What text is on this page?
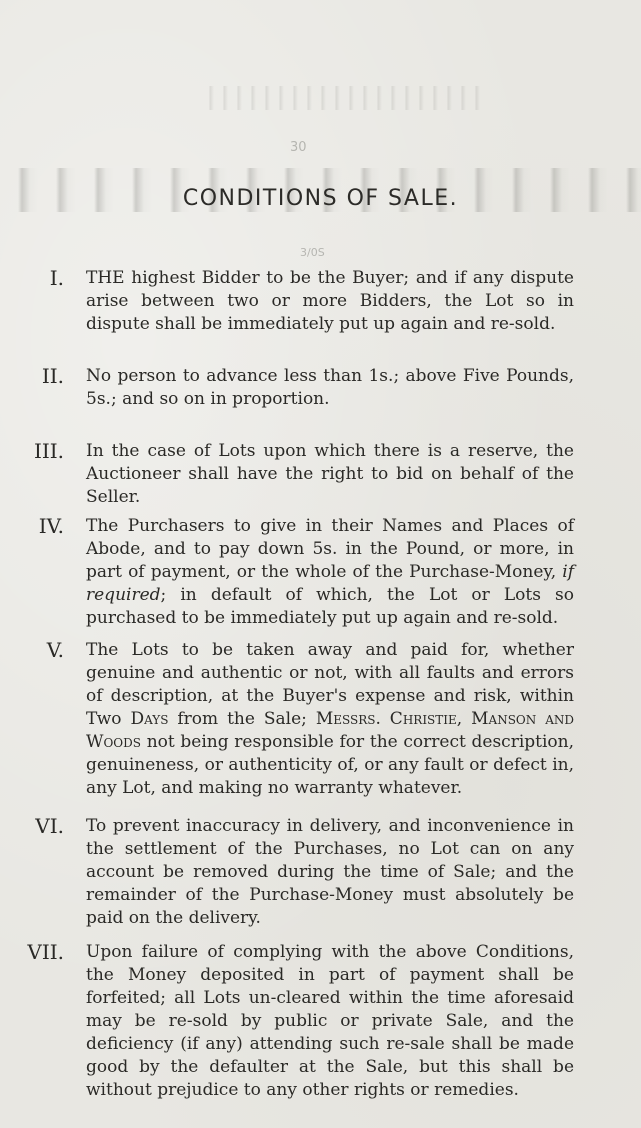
30
3/0S
CONDITIONS OF SALE.
I. THE highest Bidder to be the Buyer; and if any dispute arise between two or more Bidders, the Lot so in dispute shall be immediately put up again and re-sold.
II. No person to advance less than 1s.; above Five Pounds, 5s.; and so on in proportion.
III. In the case of Lots upon which there is a reserve, the Auctioneer shall have the right to bid on behalf of the Seller.
IV. The Purchasers to give in their Names and Places of Abode, and to pay down 5s. in the Pound, or more, in part of payment, or the whole of the Purchase-Money, if required; in default of which, the Lot or Lots so purchased to be immediately put up again and re-sold.
V. The Lots to be taken away and paid for, whether genuine and authentic or not, with all faults and errors of description, at the Buyer's expense and risk, within Two Days from the Sale; Messrs. Christie, Manson and Woods not being responsible for the correct description, genuineness, or authenticity of, or any fault or defect in, any Lot, and making no warranty whatever.
VI. To prevent inaccuracy in delivery, and inconvenience in the settlement of the Purchases, no Lot can on any account be removed during the time of Sale; and the remainder of the Purchase-Money must absolutely be paid on the delivery.
VII. Upon failure of complying with the above Conditions, the Money deposited in part of payment shall be forfeited; all Lots un-cleared within the time aforesaid may be re-sold by public or private Sale, and the deficiency (if any) attending such re-sale shall be made good by the defaulter at the Sale, but this shall be without prejudice to any other rights or remedies.
